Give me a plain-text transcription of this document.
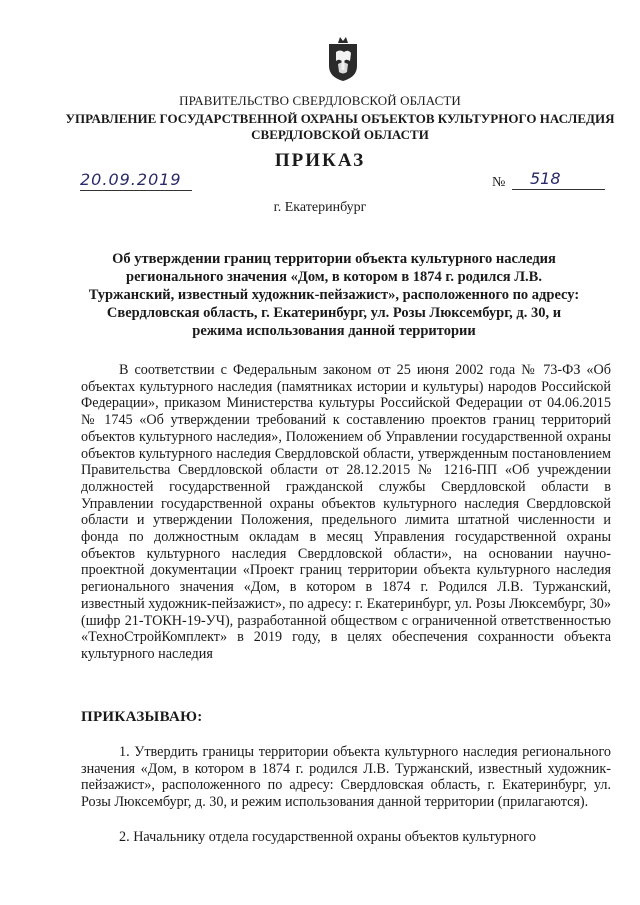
ПРАВИТЕЛЬСТВО СВЕРДЛОВСКОЙ ОБЛАСТИ
УПРАВЛЕНИЕ ГОСУДАРСТВЕННОЙ ОХРАНЫ ОБЪЕКТОВ КУЛЬТУРНОГО НАСЛЕДИЯ СВЕРДЛОВСКОЙ ОБЛАСТИ
ПРИКАЗ
20.09.2019	№ 518
г. Екатеринбург
Об утверждении границ территории объекта культурного наследия регионального значения «Дом, в котором в 1874 г. родился Л.В. Туржанский, известный художник-пейзажист», расположенного по адресу: Свердловская область, г. Екатеринбург, ул. Розы Люксембург, д. 30, и режима использования данной территории
В соответствии с Федеральным законом от 25 июня 2002 года № 73-ФЗ «Об объектах культурного наследия (памятниках истории и культуры) народов Российской Федерации», приказом Министерства культуры Российской Федерации от 04.06.2015 № 1745 «Об утверждении требований к составлению проектов границ территорий объектов культурного наследия», Положением об Управлении государственной охраны объектов культурного наследия Свердловской области, утвержденным постановлением Правительства Свердловской области от 28.12.2015 № 1216-ПП «Об учреждении должностей государственной гражданской службы Свердловской области в Управлении государственной охраны объектов культурного наследия Свердловской области и утверждении Положения, предельного лимита штатной численности и фонда по должностным окладам в месяц Управления государственной охраны объектов культурного наследия Свердловской области», на основании научно-проектной документации «Проект границ территории объекта культурного наследия регионального значения «Дом, в котором в 1874 г. Родился Л.В. Туржанский, известный художник-пейзажист», по адресу: г. Екатеринбург, ул. Розы Люксембург, 30» (шифр 21-ТОКН-19-УЧ), разработанной обществом с ограниченной ответственностью «ТехноСтройКомплект» в 2019 году, в целях обеспечения сохранности объекта культурного наследия
ПРИКАЗЫВАЮ:
1. Утвердить границы территории объекта культурного наследия регионального значения «Дом, в котором в 1874 г. родился Л.В. Туржанский, известный художник-пейзажист», расположенного по адресу: Свердловская область, г. Екатеринбург, ул. Розы Люксембург, д. 30, и режим использования данной территории (прилагаются).
2. Начальнику отдела государственной охраны объектов культурного
